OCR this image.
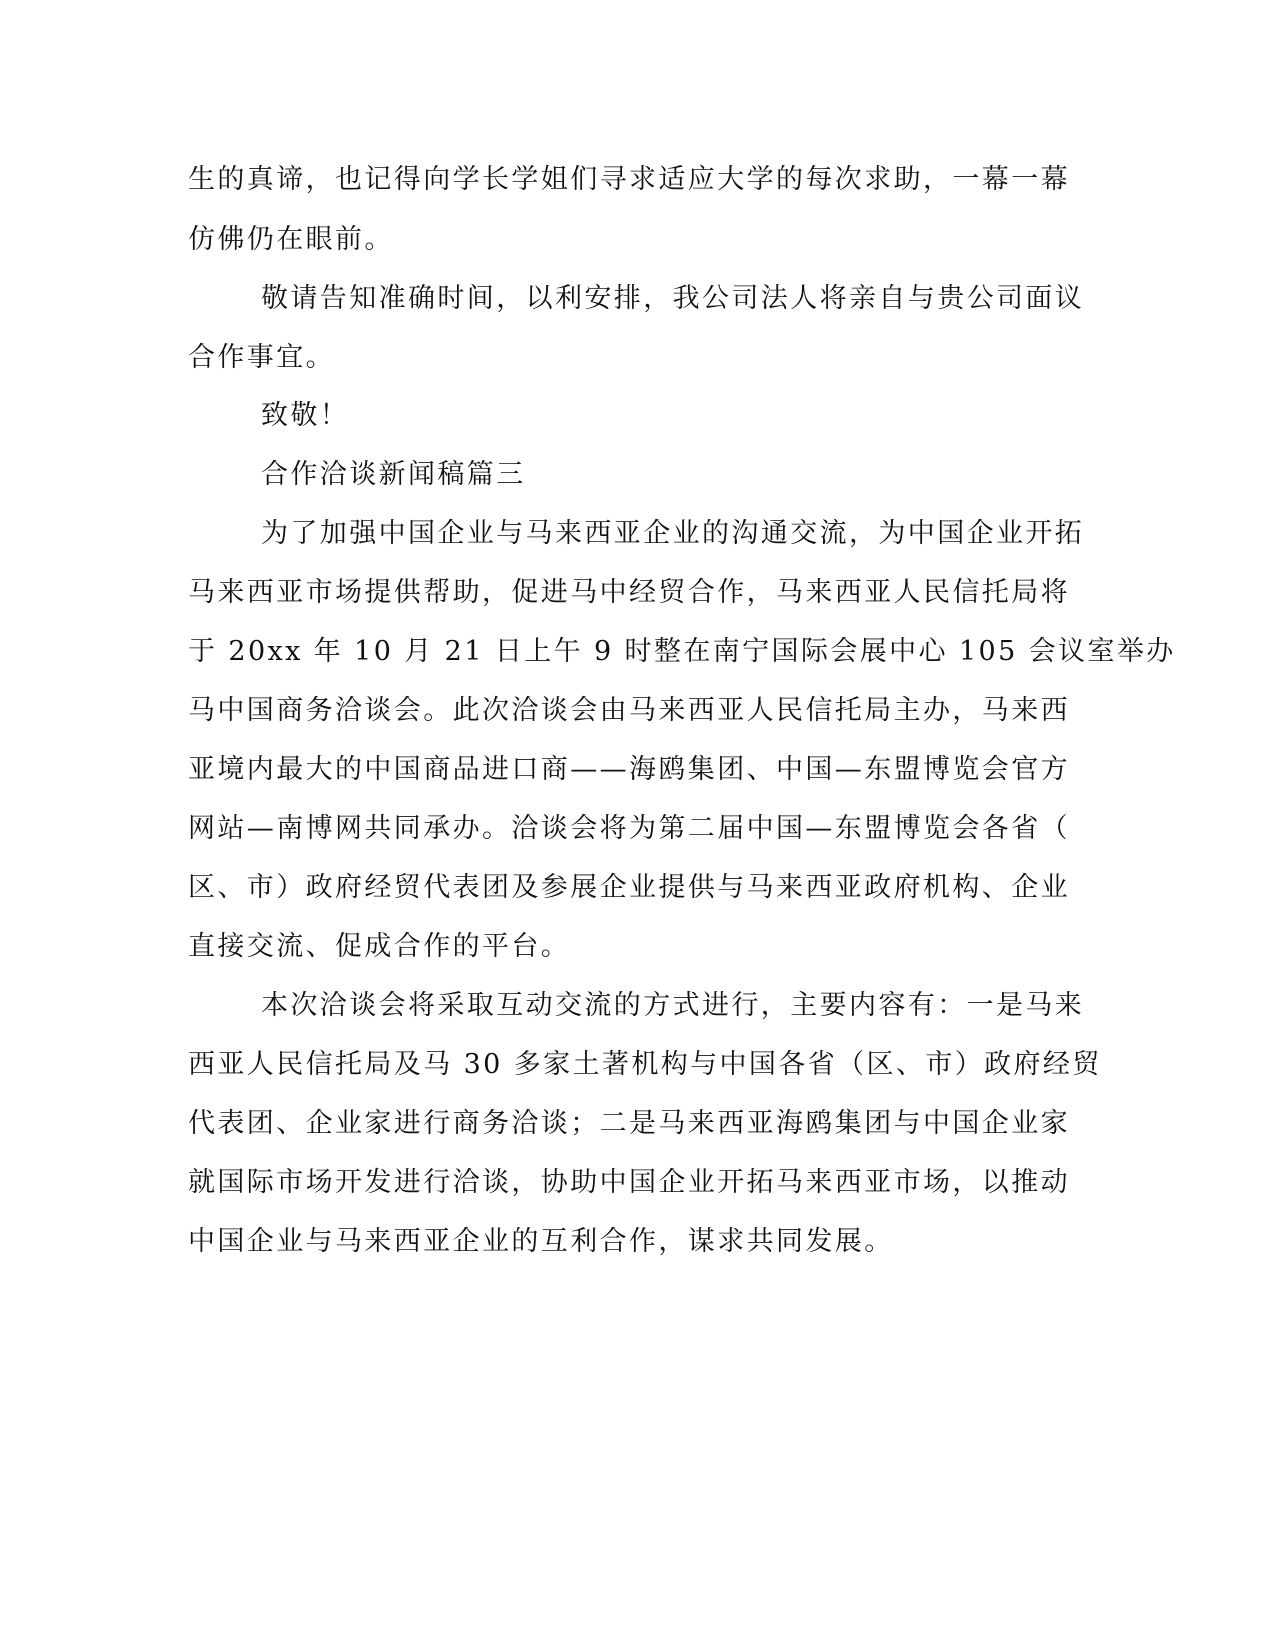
生的真谛，也记得向学长学姐们寻求适应大学的每次求助，一幕一幕
仿佛仍在眼前。
敬请告知准确时间，以利安排，我公司法人将亲自与贵公司面议
合作事宜。
致敬！
合作洽谈新闻稿篇三
为了加强中国企业与马来西亚企业的沟通交流，为中国企业开拓
马来西亚市场提供帮助，促进马中经贸合作，马来西亚人民信托局将
于 20xx 年 10 月 21 日上午 9 时整在南宁国际会展中心 105 会议室举办
马中国商务洽谈会。此次洽谈会由马来西亚人民信托局主办，马来西
亚境内最大的中国商品进口商——海鸥集团、中国—东盟博览会官方
网站—南博网共同承办。洽谈会将为第二届中国—东盟博览会各省（
区、市）政府经贸代表团及参展企业提供与马来西亚政府机构、企业
直接交流、促成合作的平台。
本次洽谈会将采取互动交流的方式进行，主要内容有：一是马来
西亚人民信托局及马 30 多家土著机构与中国各省（区、市）政府经贸
代表团、企业家进行商务洽谈；二是马来西亚海鸥集团与中国企业家
就国际市场开发进行洽谈，协助中国企业开拓马来西亚市场，以推动
中国企业与马来西亚企业的互利合作，谋求共同发展。
